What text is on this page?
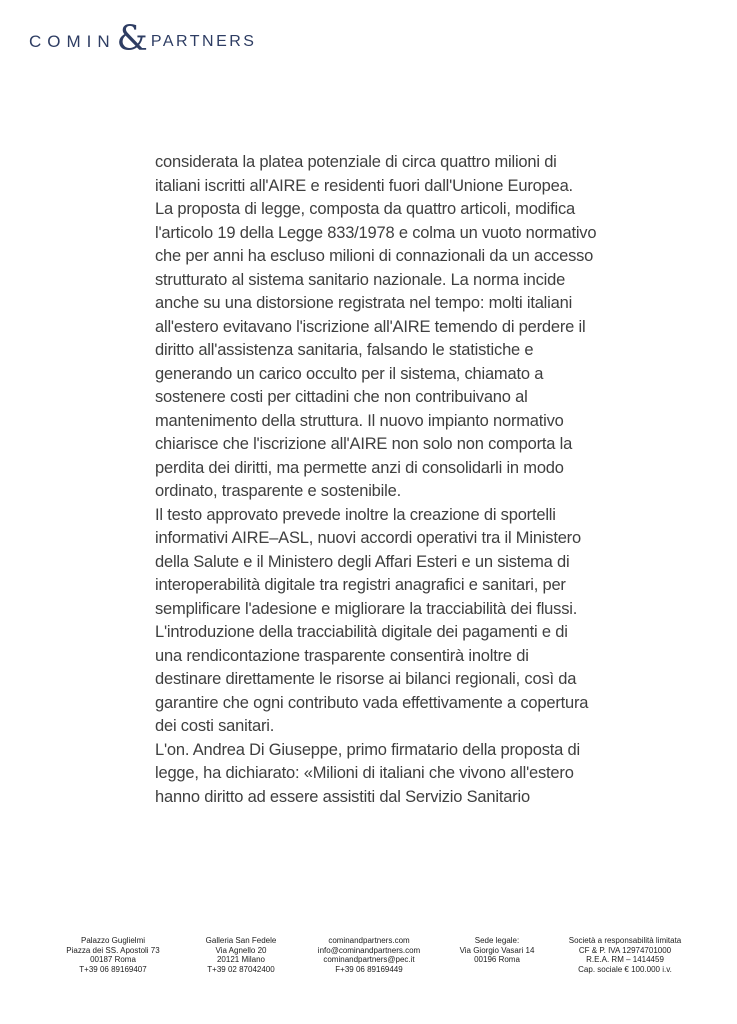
COMIN & PARTNERS
considerata la platea potenziale di circa quattro milioni di
italiani iscritti all'AIRE e residenti fuori dall'Unione Europea.
La proposta di legge, composta da quattro articoli, modifica
l'articolo 19 della Legge 833/1978 e colma un vuoto normativo
che per anni ha escluso milioni di connazionali da un accesso
strutturato al sistema sanitario nazionale. La norma incide
anche su una distorsione registrata nel tempo: molti italiani
all'estero evitavano l'iscrizione all'AIRE temendo di perdere il
diritto all'assistenza sanitaria, falsando le statistiche e
generando un carico occulto per il sistema, chiamato a
sostenere costi per cittadini che non contribuivano al
mantenimento della struttura. Il nuovo impianto normativo
chiarisce che l'iscrizione all'AIRE non solo non comporta la
perdita dei diritti, ma permette anzi di consolidarli in modo
ordinato, trasparente e sostenibile.
Il testo approvato prevede inoltre la creazione di sportelli
informativi AIRE–ASL, nuovi accordi operativi tra il Ministero
della Salute e il Ministero degli Affari Esteri e un sistema di
interoperabilità digitale tra registri anagrafici e sanitari, per
semplificare l'adesione e migliorare la tracciabilità dei flussi.
L'introduzione della tracciabilità digitale dei pagamenti e di
una rendicontazione trasparente consentirà inoltre di
destinare direttamente le risorse ai bilanci regionali, così da
garantire che ogni contributo vada effettivamente a copertura
dei costi sanitari.
L'on. Andrea Di Giuseppe, primo firmatario della proposta di
legge, ha dichiarato: «Milioni di italiani che vivono all'estero
hanno diritto ad essere assistiti dal Servizio Sanitario
Palazzo Guglielmi
Piazza dei SS. Apostoli 73
00187 Roma
T+39 06 89169407
Galleria San Fedele
Via Agnello 20
20121 Milano
T+39 02 87042400
cominandpartners.com
info@cominandpartners.com
cominandpartners@pec.it
F+39 06 89169449
Sede legale:
Via Giorgio Vasari 14
00196 Roma
Società a responsabilità limitata
CF & P. IVA 12974701000
R.E.A. RM – 1414459
Cap. sociale € 100.000 i.v.
